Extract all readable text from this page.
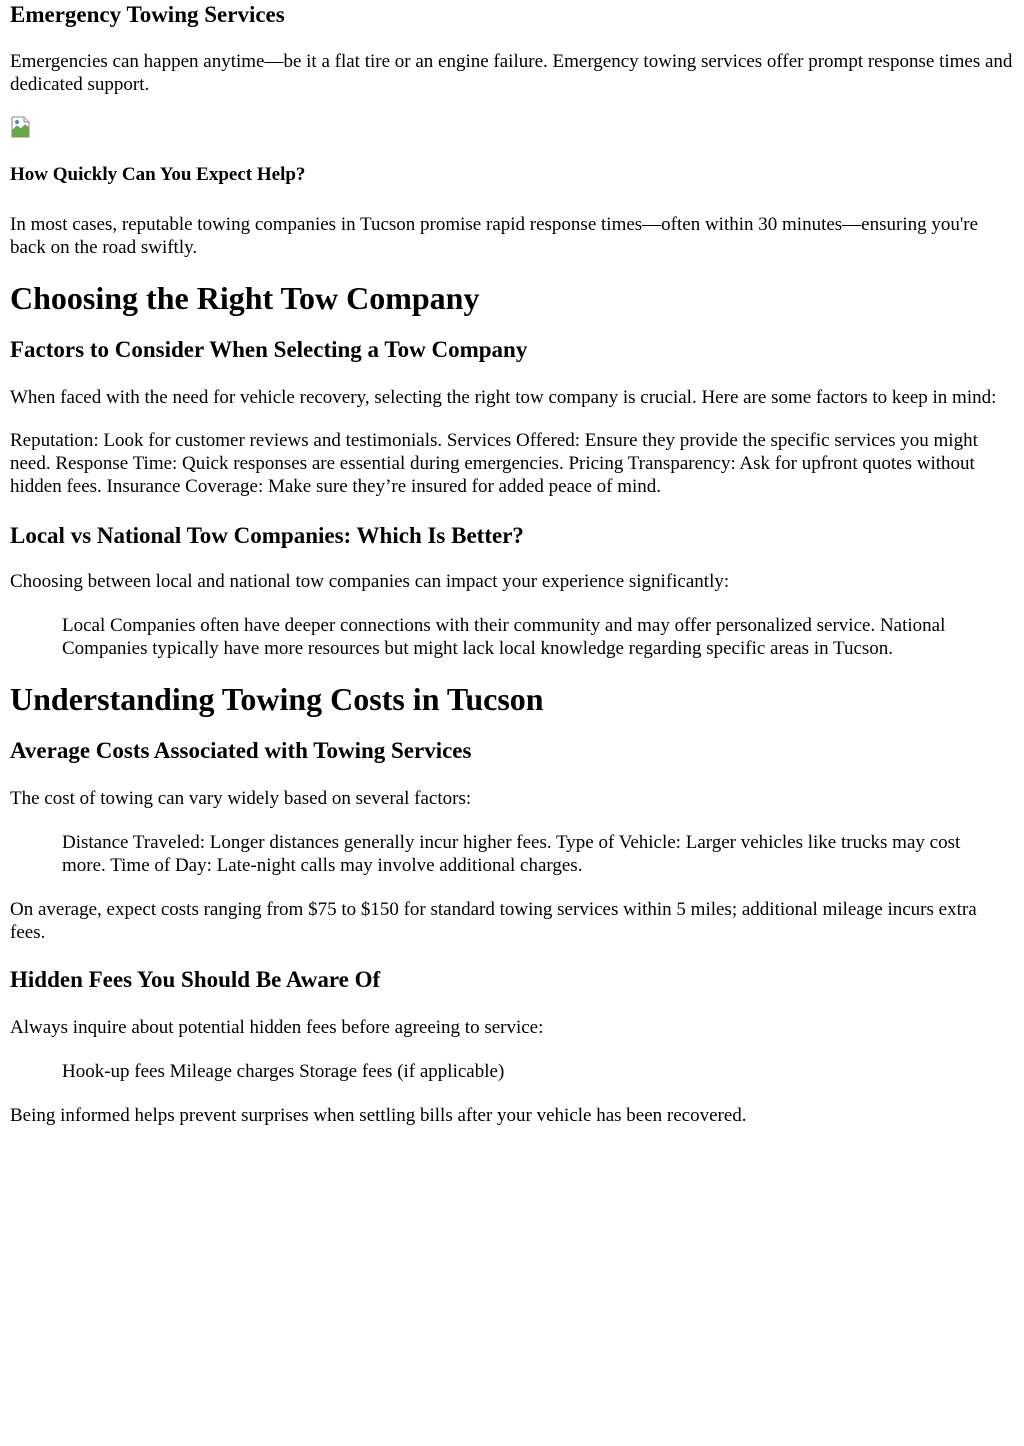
Emergency Towing Services

Emergencies can happen anytime—be it a flat tire or an engine failure. Emergency towing services offer prompt response times and dedicated support.

How Quickly Can You Expect Help?

In most cases, reputable towing companies in Tucson promise rapid response times—often within 30 minutes—ensuring you're back on the road swiftly.

Choosing the Right Tow Company
Factors to Consider When Selecting a Tow Company

When faced with the need for vehicle recovery, selecting the right tow company is crucial. Here are some factors to keep in mind:

Reputation: Look for customer reviews and testimonials. Services Offered: Ensure they provide the specific services you might need. Response Time: Quick responses are essential during emergencies. Pricing Transparency: Ask for upfront quotes without hidden fees. Insurance Coverage: Make sure they’re insured for added peace of mind.

Local vs National Tow Companies: Which Is Better?

Choosing between local and national tow companies can impact your experience significantly:

Local Companies often have deeper connections with their community and may offer personalized service. National Companies typically have more resources but might lack local knowledge regarding specific areas in Tucson.
Understanding Towing Costs in Tucson
Average Costs Associated with Towing Services

The cost of towing can vary widely based on several factors:

Distance Traveled: Longer distances generally incur higher fees. Type of Vehicle: Larger vehicles like trucks may cost more. Time of Day: Late-night calls may involve additional charges.

On average, expect costs ranging from $75 to $150 for standard towing services within 5 miles; additional mileage incurs extra fees.

Hidden Fees You Should Be Aware Of

Always inquire about potential hidden fees before agreeing to service:

Hook-up fees Mileage charges Storage fees (if applicable)

Being informed helps prevent surprises when settling bills after your vehicle has been recovered.
